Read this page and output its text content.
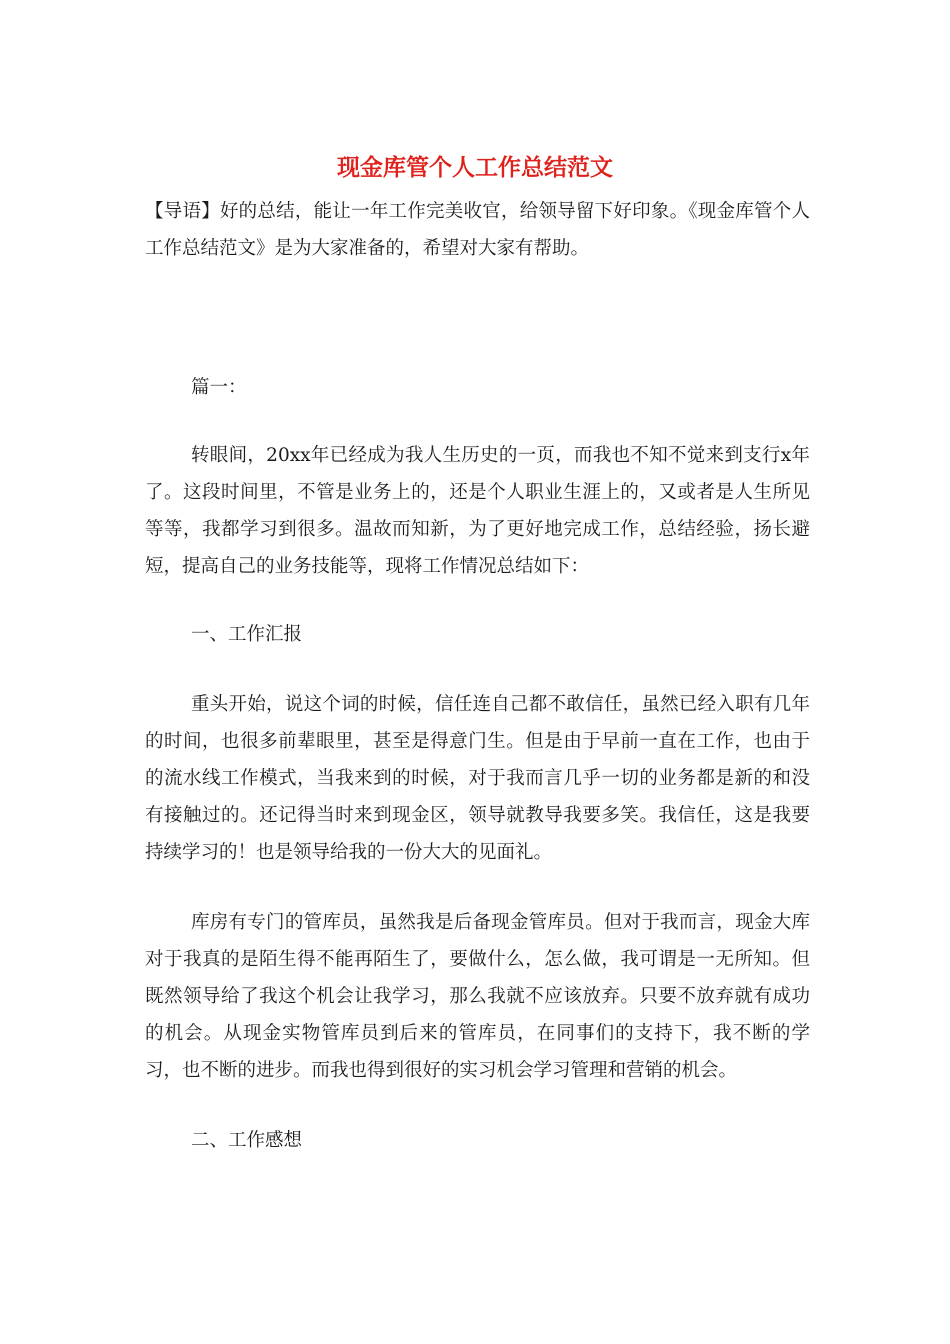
现金库管个人工作总结范文

【导语】好的总结，能让一年工作完美收官，给领导留下好印象。《现金库管个人工作总结范文》是为大家准备的，希望对大家有帮助。

篇一：

转眼间，20xx年已经成为我人生历史的一页，而我也不知不觉来到支行x年了。这段时间里，不管是业务上的，还是个人职业生涯上的，又或者是人生所见等等，我都学习到很多。温故而知新，为了更好地完成工作，总结经验，扬长避短，提高自己的业务技能等，现将工作情况总结如下：

一、工作汇报

重头开始，说这个词的时候，信任连自己都不敢信任，虽然已经入职有几年的时间，也很多前辈眼里，甚至是得意门生。但是由于早前一直在工作，也由于的流水线工作模式，当我来到的时候，对于我而言几乎一切的业务都是新的和没有接触过的。还记得当时来到现金区，领导就教导我要多笑。我信任，这是我要持续学习的！也是领导给我的一份大大的见面礼。

库房有专门的管库员，虽然我是后备现金管库员。但对于我而言，现金大库对于我真的是陌生得不能再陌生了，要做什么，怎么做，我可谓是一无所知。但既然领导给了我这个机会让我学习，那么我就不应该放弃。只要不放弃就有成功的机会。从现金实物管库员到后来的管库员，在同事们的支持下，我不断的学习，也不断的进步。而我也得到很好的实习机会学习管理和营销的机会。

二、工作感想
